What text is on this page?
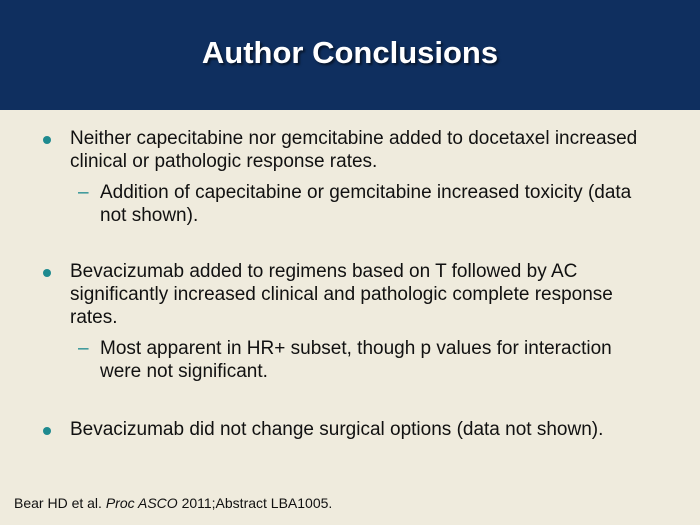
Author Conclusions
Neither capecitabine nor gemcitabine added to docetaxel increased clinical or pathologic response rates.
– Addition of capecitabine or gemcitabine increased toxicity (data not shown).
Bevacizumab added to regimens based on T followed by AC significantly increased clinical and pathologic complete response rates.
– Most apparent in HR+ subset, though p values for interaction were not significant.
Bevacizumab did not change surgical options (data not shown).
Bear HD et al. Proc ASCO 2011;Abstract LBA1005.
